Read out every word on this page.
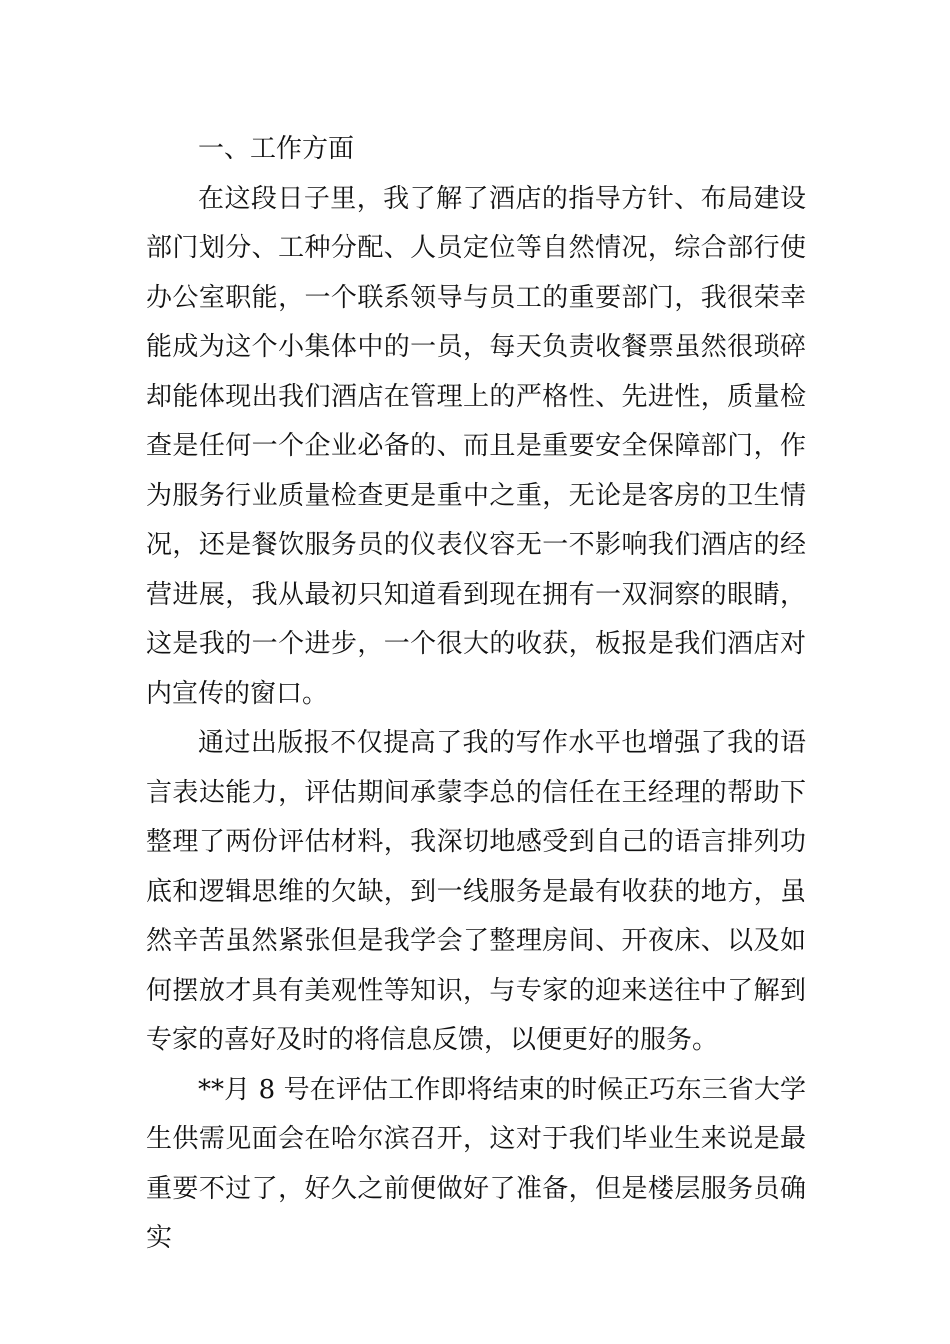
一、工作方面

在这段日子里，我了解了酒店的指导方针、布局建设部门划分、工种分配、人员定位等自然情况，综合部行使办公室职能，一个联系领导与员工的重要部门，我很荣幸能成为这个小集体中的一员，每天负责收餐票虽然很琐碎却能体现出我们酒店在管理上的严格性、先进性，质量检查是任何一个企业必备的、而且是重要安全保障部门，作为服务行业质量检查更是重中之重，无论是客房的卫生情况，还是餐饮服务员的仪表仪容无一不影响我们酒店的经营进展，我从最初只知道看到现在拥有一双洞察的眼睛，这是我的一个进步，一个很大的收获，板报是我们酒店对内宣传的窗口。

通过出版报不仅提高了我的写作水平也增强了我的语言表达能力，评估期间承蒙李总的信任在王经理的帮助下整理了两份评估材料，我深切地感受到自己的语言排列功底和逻辑思维的欠缺，到一线服务是最有收获的地方，虽然辛苦虽然紧张但是我学会了整理房间、开夜床、以及如何摆放才具有美观性等知识，与专家的迎来送往中了解到专家的喜好及时的将信息反馈，以便更好的服务。

**月 8 号在评估工作即将结束的时候正巧东三省大学生供需见面会在哈尔滨召开，这对于我们毕业生来说是最重要不过了，好久之前便做好了准备，但是楼层服务员确实
